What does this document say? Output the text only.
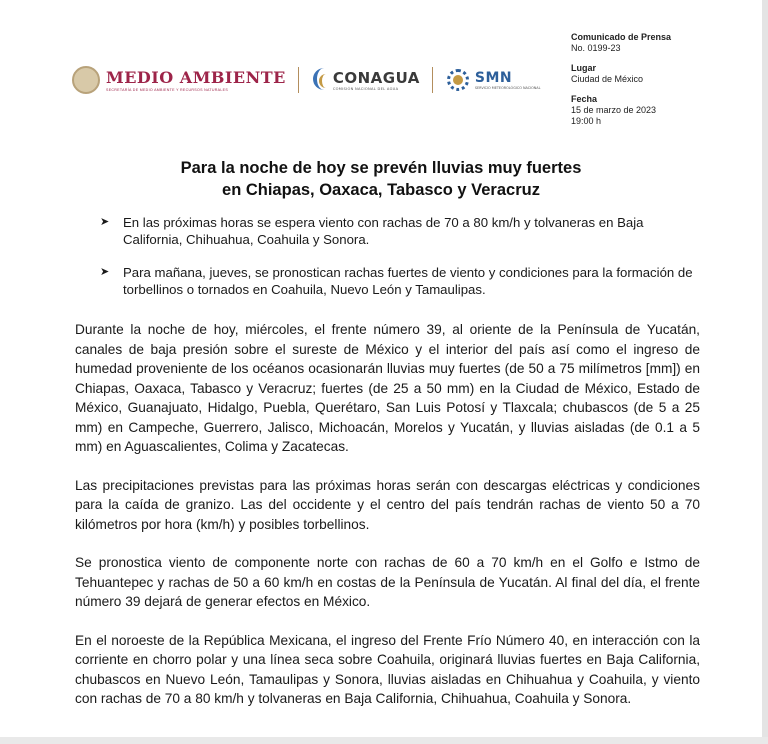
MEDIO AMBIENTE
SECRETARÍA DE MEDIO AMBIENTE Y RECURSOS NATURALES
CONAGUA
COMISIÓN NACIONAL DEL AGUA
SMN
SERVICIO METEOROLÓGICO NACIONAL
Comunicado de Prensa
No. 0199-23
Lugar
Ciudad de México
Fecha
15 de marzo de 2023
19:00 h
Para la noche de hoy se prevén lluvias muy fuertes
en Chiapas, Oaxaca, Tabasco y Veracruz
➤ En las próximas horas se espera viento con rachas de 70 a 80 km/h y tolvaneras en Baja California, Chihuahua, Coahuila y Sonora.
➤ Para mañana, jueves, se pronostican rachas fuertes de viento y condiciones para la formación de torbellinos o tornados en Coahuila, Nuevo León y Tamaulipas.

Durante la noche de hoy, miércoles, el frente número 39, al oriente de la Península de Yucatán, canales de baja presión sobre el sureste de México y el interior del país así como el ingreso de humedad proveniente de los océanos ocasionarán lluvias muy fuertes (de 50 a 75 milímetros [mm]) en Chiapas, Oaxaca, Tabasco y Veracruz; fuertes (de 25 a 50 mm) en la Ciudad de México, Estado de México, Guanajuato, Hidalgo, Puebla, Querétaro, San Luis Potosí y Tlaxcala; chubascos (de 5 a 25 mm) en Campeche, Guerrero, Jalisco, Michoacán, Morelos y Yucatán, y lluvias aisladas (de 0.1 a 5 mm) en Aguascalientes, Colima y Zacatecas.

Las precipitaciones previstas para las próximas horas serán con descargas eléctricas y condiciones para la caída de granizo. Las del occidente y el centro del país tendrán rachas de viento 50 a 70 kilómetros por hora (km/h) y posibles torbellinos.

Se pronostica viento de componente norte con rachas de 60 a 70 km/h en el Golfo e Istmo de Tehuantepec y rachas de 50 a 60 km/h en costas de la Península de Yucatán. Al final del día, el frente número 39 dejará de generar efectos en México.

En el noroeste de la República Mexicana, el ingreso del Frente Frío Número 40, en interacción con la corriente en chorro polar y una línea seca sobre Coahuila, originará lluvias fuertes en Baja California, chubascos en Nuevo León, Tamaulipas y Sonora, lluvias aisladas en Chihuahua y Coahuila, y viento con rachas de 70 a 80 km/h y tolvaneras en Baja California, Chihuahua, Coahuila y Sonora.
